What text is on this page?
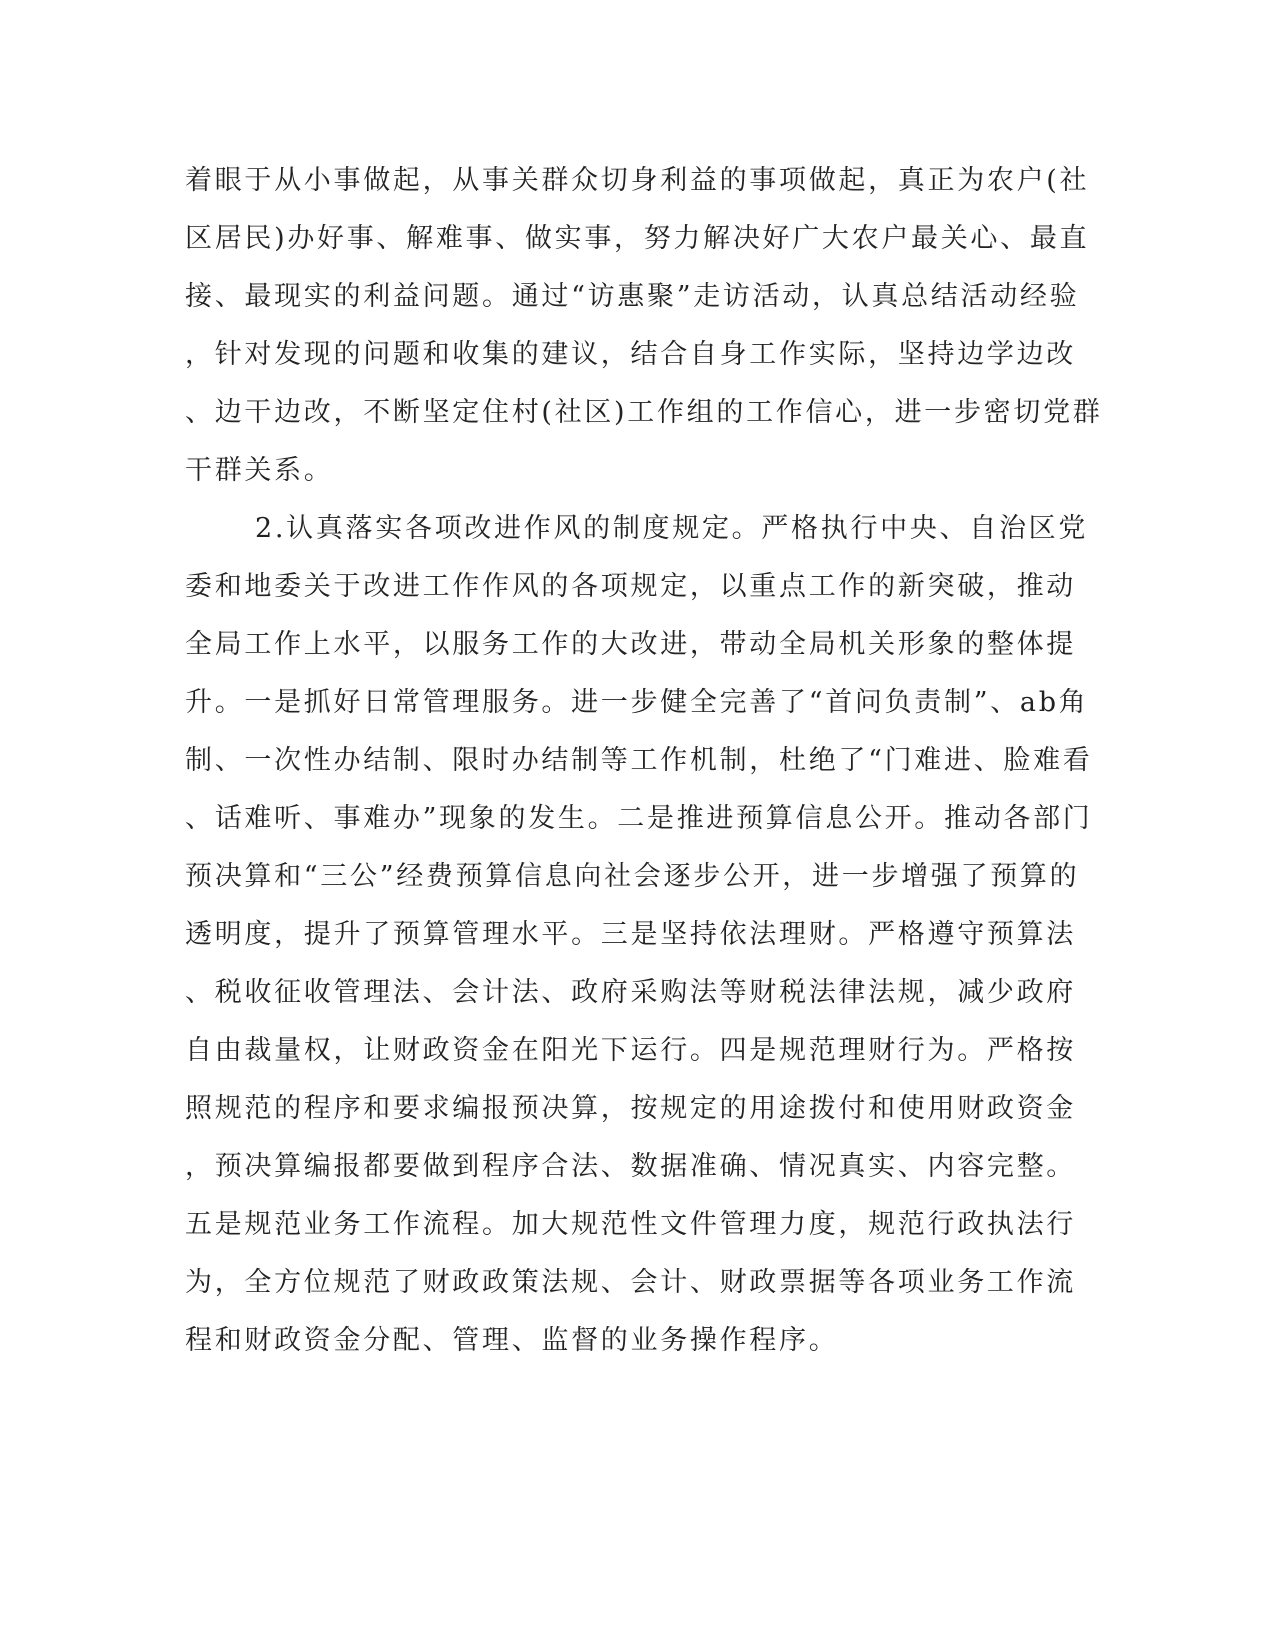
着眼于从小事做起，从事关群众切身利益的事项做起，真正为农户(社
区居民)办好事、解难事、做实事，努力解决好广大农户最关心、最直
接、最现实的利益问题。通过“访惠聚”走访活动，认真总结活动经验
，针对发现的问题和收集的建议，结合自身工作实际，坚持边学边改
、边干边改，不断坚定住村(社区)工作组的工作信心，进一步密切党群
干群关系。
2.认真落实各项改进作风的制度规定。严格执行中央、自治区党
委和地委关于改进工作作风的各项规定，以重点工作的新突破，推动
全局工作上水平，以服务工作的大改进，带动全局机关形象的整体提
升。一是抓好日常管理服务。进一步健全完善了“首问负责制”、ab角
制、一次性办结制、限时办结制等工作机制，杜绝了“门难进、脸难看
、话难听、事难办”现象的发生。二是推进预算信息公开。推动各部门
预决算和“三公”经费预算信息向社会逐步公开，进一步增强了预算的
透明度，提升了预算管理水平。三是坚持依法理财。严格遵守预算法
、税收征收管理法、会计法、政府采购法等财税法律法规，减少政府
自由裁量权，让财政资金在阳光下运行。四是规范理财行为。严格按
照规范的程序和要求编报预决算，按规定的用途拨付和使用财政资金
，预决算编报都要做到程序合法、数据准确、情况真实、内容完整。
五是规范业务工作流程。加大规范性文件管理力度，规范行政执法行
为，全方位规范了财政政策法规、会计、财政票据等各项业务工作流
程和财政资金分配、管理、监督的业务操作程序。
